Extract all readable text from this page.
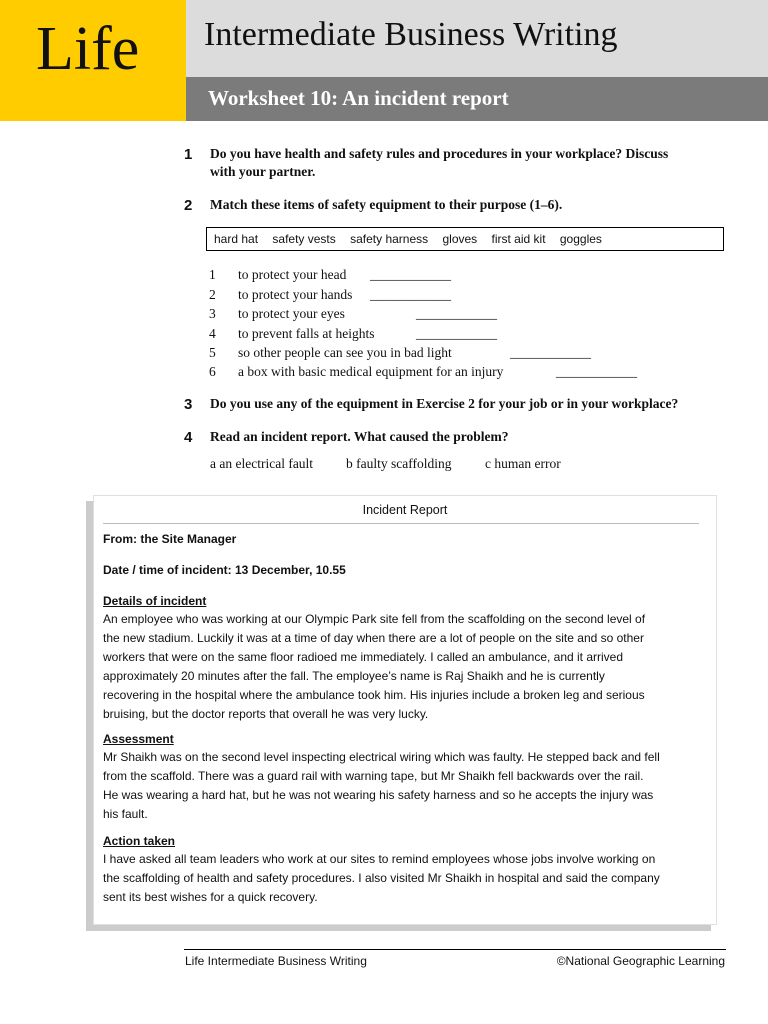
Life Intermediate Business Writing
Worksheet 10: An incident report
1 Do you have health and safety rules and procedures in your workplace? Discuss
with your partner.
2 Match these items of safety equipment to their purpose (1–6).
hard hat safety vests safety harness gloves first aid kit goggles
1 to protect your head ____________
2 to protect your hands ____________
3 to protect your eyes	____________
4 to prevent falls at heights	____________
5 so other people can see you in bad light	____________
6 a box with basic medical equipment for an injury	____________
3 Do you use any of the equipment in Exercise 2 for your job or in your workplace?
4 Read an incident report. What caused the problem?
a an electrical fault b faulty scaffolding c human error
Incident Report
From: the Site Manager
Date / time of incident: 13 December, 10.55
Details of incident
An employee who was working at our Olympic Park site fell from the scaffolding on the second level of
the new stadium. Luckily it was at a time of day when there are a lot of people on the site and so other
workers that were on the same floor radioed me immediately. I called an ambulance, and it arrived
approximately 20 minutes after the fall. The employee’s name is Raj Shaikh and he is currently
recovering in the hospital where the ambulance took him. His injuries include a broken leg and serious
bruising, but the doctor reports that overall he was very lucky.
Assessment
Mr Shaikh was on the second level inspecting electrical wiring which was faulty. He stepped back and fell
from the scaffold. There was a guard rail with warning tape, but Mr Shaikh fell backwards over the rail.
He was wearing a hard hat, but he was not wearing his safety harness and so he accepts the injury was
his fault.
Action taken
I have asked all team leaders who work at our sites to remind employees whose jobs involve working on
the scaffolding of health and safety procedures. I also visited Mr Shaikh in hospital and said the company
sent its best wishes for a quick recovery.
Life Intermediate Business Writing	©National Geographic Learning
